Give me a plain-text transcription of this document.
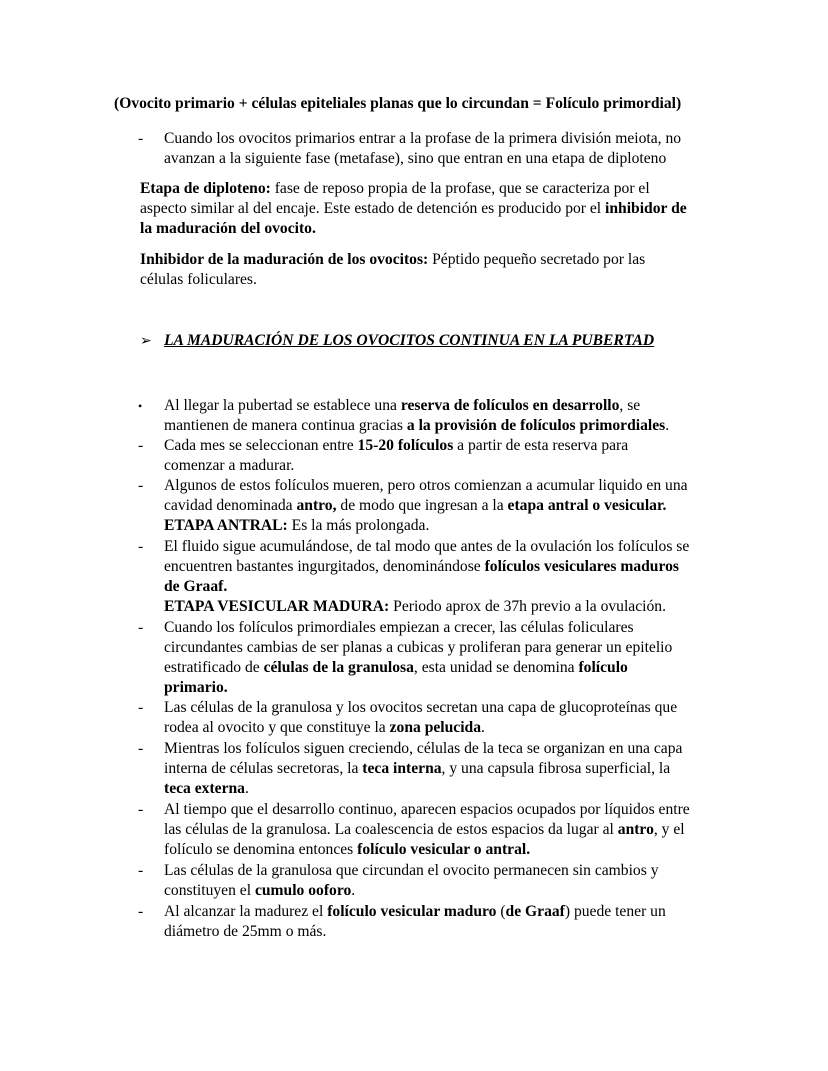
(Ovocito primario + células epiteliales planas que lo circundan = Folículo primordial)
-	Cuando los ovocitos primarios entrar a la profase de la primera división meiota, no
avanzan a la siguiente fase (metafase), sino que entran en una etapa de diploteno
Etapa de diploteno: fase de reposo propia de la profase, que se caracteriza por el
aspecto similar al del encaje. Este estado de detención es producido por el inhibidor de
la maduración del ovocito.
Inhibidor de la maduración de los ovocitos: Péptido pequeño secretado por las
células foliculares.
➢ LA MADURACIÓN DE LOS OVOCITOS CONTINUA EN LA PUBERTAD
•	Al llegar la pubertad se establece una reserva de folículos en desarrollo, se
mantienen de manera continua gracias a la provisión de folículos primordiales.
-	Cada mes se seleccionan entre 15-20 folículos a partir de esta reserva para
comenzar a madurar.
-	Algunos de estos folículos mueren, pero otros comienzan a acumular liquido en una
cavidad denominada antro, de modo que ingresan a la etapa antral o vesicular.
ETAPA ANTRAL: Es la más prolongada.
-	El fluido sigue acumulándose, de tal modo que antes de la ovulación los folículos se
encuentren bastantes ingurgitados, denominándose folículos vesiculares maduros
de Graaf.
ETAPA VESICULAR MADURA: Periodo aprox de 37h previo a la ovulación.
-	Cuando los folículos primordiales empiezan a crecer, las células foliculares
circundantes cambias de ser planas a cubicas y proliferan para generar un epitelio
estratificado de células de la granulosa, esta unidad se denomina folículo
primario.
-	Las células de la granulosa y los ovocitos secretan una capa de glucoproteínas que
rodea al ovocito y que constituye la zona pelucida.
-	Mientras los folículos siguen creciendo, células de la teca se organizan en una capa
interna de células secretoras, la teca interna, y una capsula fibrosa superficial, la
teca externa.
-	Al tiempo que el desarrollo continuo, aparecen espacios ocupados por líquidos entre
las células de la granulosa. La coalescencia de estos espacios da lugar al antro, y el
folículo se denomina entonces folículo vesicular o antral.
-	Las células de la granulosa que circundan el ovocito permanecen sin cambios y
constituyen el cumulo ooforo.
-	Al alcanzar la madurez el folículo vesicular maduro (de Graaf) puede tener un
diámetro de 25mm o más.
